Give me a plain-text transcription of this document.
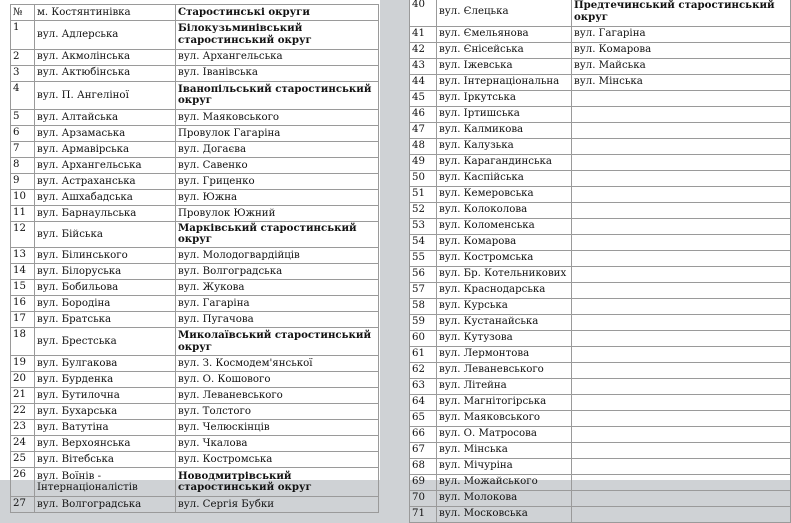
№	м. Костянтинівка	Старостинські округи
1	вул. Адлерська	Білокузьминівський старостинський округ
2	вул. Акмолінська	вул. Архангельська
3	вул. Актюбінська	вул. Іванівська
4	вул. П. Ангеліної	Іванопільський старостинський округ
5	вул. Алтайська	вул. Маяковського
6	вул. Арзамаська	Провулок Гагаріна
7	вул. Армавірська	вул. Догаєва
8	вул. Архангельська	вул. Савенко
9	вул. Астраханська	вул. Гриценко
10	вул. Ашхабадська	вул. Южна
11	вул. Барнаульська	Провулок Южний
12	вул. Бійська	Марківський старостинський округ
13	вул. Білинського	вул. Молодогвардійців
14	вул. Білоруська	вул. Волгоградська
15	вул. Бобильова	вул. Жукова
16	вул. Бородіна	вул. Гагаріна
17	вул. Братська	вул. Пугачова
18	вул. Брестська	Миколаївський старостинський округ
19	вул. Булгакова	вул. З. Космодем'янської
20	вул. Бурденка	вул. О. Кошового
21	вул. Бутилочна	вул. Леваневського
22	вул. Бухарська	вул. Толстого
23	вул. Ватутіна	вул. Челюскінців
24	вул. Верхоянська	вул. Чкалова
25	вул. Вітебська	вул. Костромська
26	вул. Воїнів - Інтернаціоналістів	Новодмитрівський старостинський округ
27	вул. Волгоградська	вул. Сергія Бубки
40	вул. Єлецька	Предтечинський старостинський округ
41	вул. Ємельянова	вул. Гагаріна
42	вул. Єнісейська	вул. Комарова
43	вул. Іжевська	вул. Майська
44	вул. Інтернаціональна	вул. Мінська
45	вул. Іркутська	
46	вул. Іртишська	
47	вул. Калмикова	
48	вул. Калузька	
49	вул. Карагандинська	
50	вул. Каспійська	
51	вул. Кемеровська	
52	вул. Колоколова	
53	вул. Коломенська	
54	вул. Комарова	
55	вул. Костромська	
56	вул. Бр. Котельникових	
57	вул. Краснодарська	
58	вул. Курська	
59	вул. Кустанайська	
60	вул. Кутузова	
61	вул. Лермонтова	
62	вул. Леваневського	
63	вул. Літейна	
64	вул. Магнітогірська	
65	вул. Маяковського	
66	вул. О. Матросова	
67	вул. Мінська	
68	вул. Мічуріна	
69	вул. Можайського	
70	вул. Молокова	
71	вул. Московська	
